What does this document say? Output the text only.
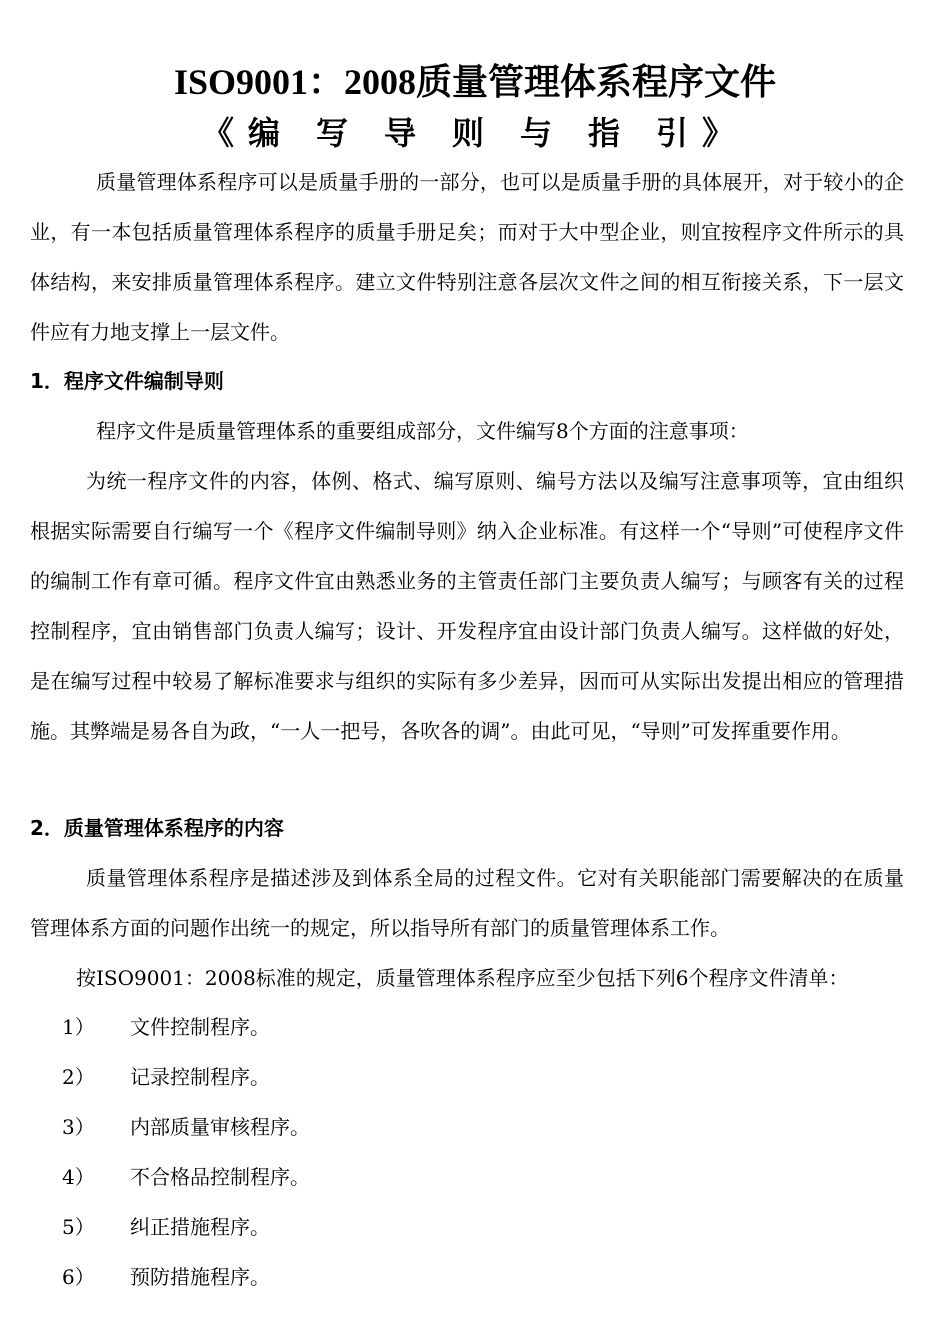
ISO9001：2008质量管理体系程序文件
《编 写 导 则 与 指 引》

质量管理体系程序可以是质量手册的一部分，也可以是质量手册的具体展开，对于较小的企业，有一本包括质量管理体系程序的质量手册足矣；而对于大中型企业，则宜按程序文件所示的具体结构，来安排质量管理体系程序。建立文件特别注意各层次文件之间的相互衔接关系，下一层文件应有力地支撑上一层文件。

1．程序文件编制导则

程序文件是质量管理体系的重要组成部分，文件编写8个方面的注意事项：

为统一程序文件的内容，体例、格式、编写原则、编号方法以及编写注意事项等，宜由组织根据实际需要自行编写一个《程序文件编制导则》纳入企业标准。有这样一个“导则”可使程序文件的编制工作有章可循。程序文件宜由熟悉业务的主管责任部门主要负责人编写；与顾客有关的过程控制程序，宜由销售部门负责人编写；设计、开发程序宜由设计部门负责人编写。这样做的好处，是在编写过程中较易了解标准要求与组织的实际有多少差异，因而可从实际出发提出相应的管理措施。其弊端是易各自为政，“一人一把号，各吹各的调”。由此可见，“导则”可发挥重要作用。

2．质量管理体系程序的内容

质量管理体系程序是描述涉及到体系全局的过程文件。它对有关职能部门需要解决的在质量管理体系方面的问题作出统一的规定，所以指导所有部门的质量管理体系工作。

按ISO9001：2008标准的规定，质量管理体系程序应至少包括下列6个程序文件清单：

1） 文件控制程序。
2） 记录控制程序。
3） 内部质量审核程序。
4） 不合格品控制程序。
5） 纠正措施程序。
6） 预防措施程序。
